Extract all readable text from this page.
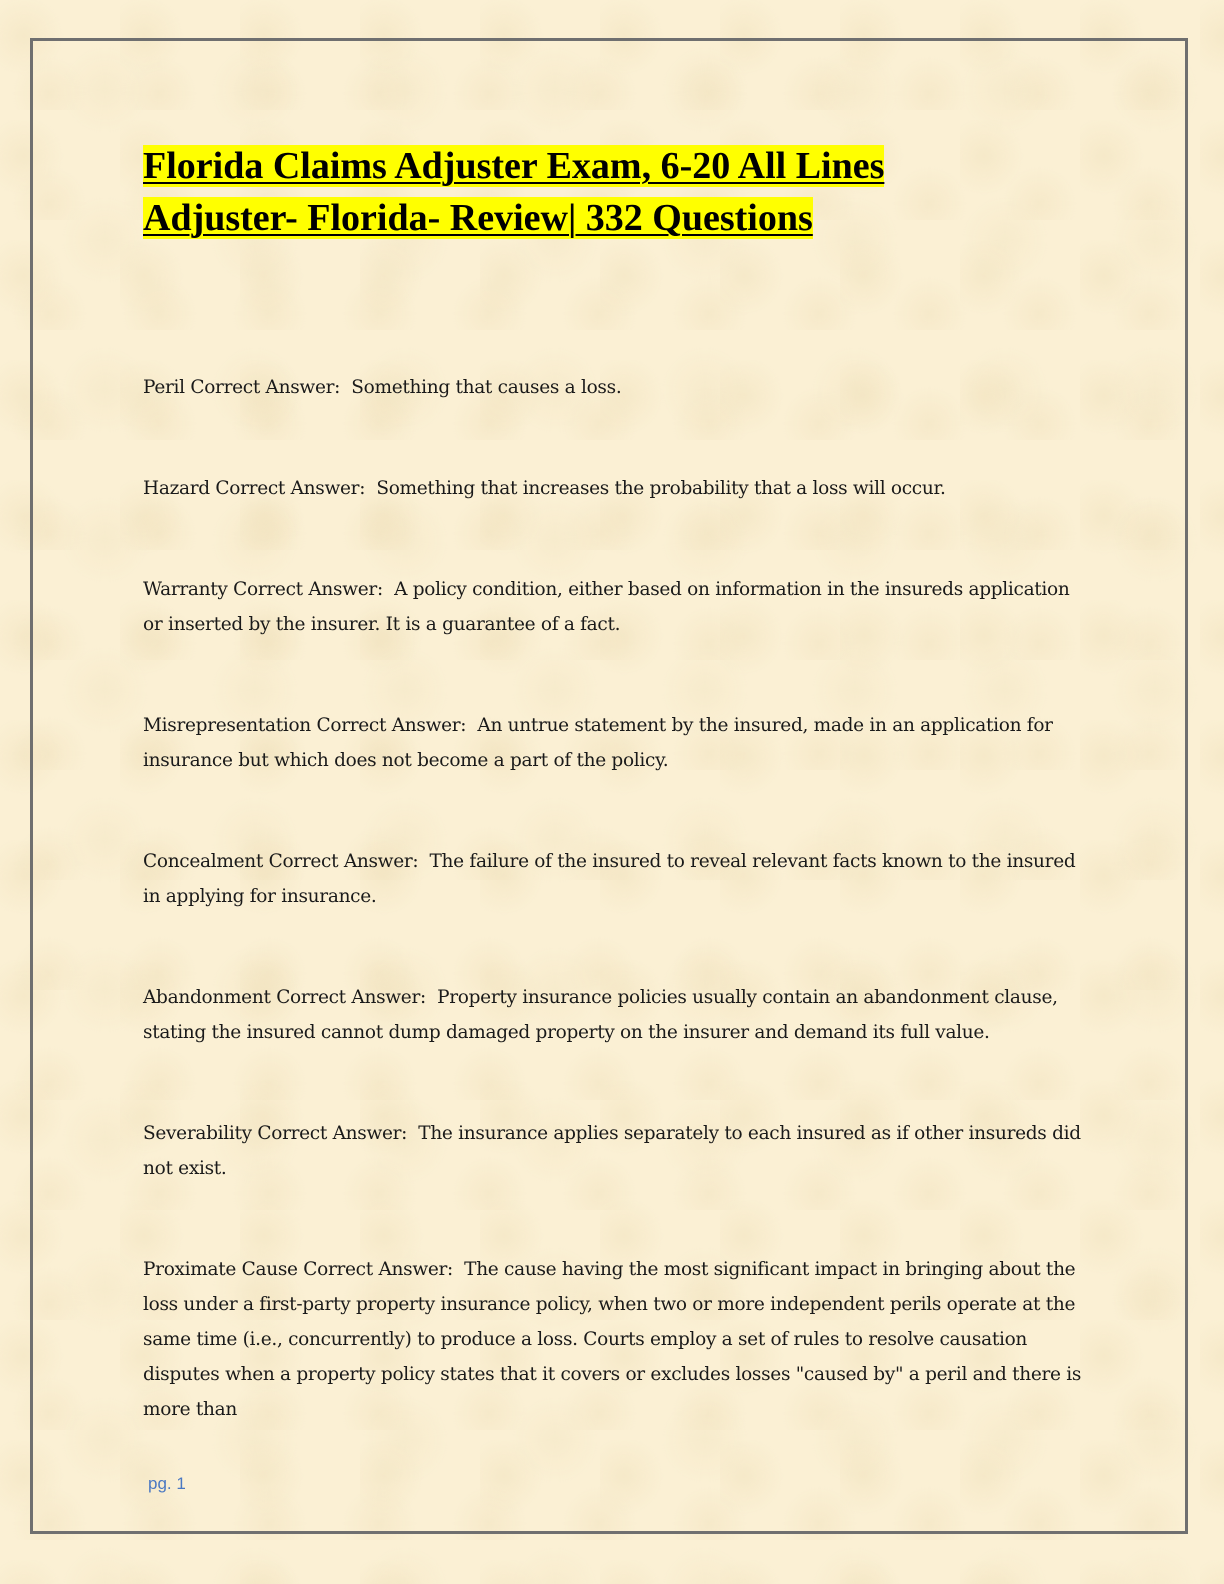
Florida Claims Adjuster Exam, 6-20 All Lines
Adjuster- Florida- Review| 332 Questions

Peril Correct Answer: Something that causes a loss.

Hazard Correct Answer: Something that increases the probability that a loss will occur.

Warranty Correct Answer: A policy condition, either based on information in the insureds application or inserted by the insurer. It is a guarantee of a fact.

Misrepresentation Correct Answer: An untrue statement by the insured, made in an application for insurance but which does not become a part of the policy.

Concealment Correct Answer: The failure of the insured to reveal relevant facts known to the insured in applying for insurance.

Abandonment Correct Answer: Property insurance policies usually contain an abandonment clause, stating the insured cannot dump damaged property on the insurer and demand its full value.

Severability Correct Answer: The insurance applies separately to each insured as if other insureds did not exist.

Proximate Cause Correct Answer: The cause having the most significant impact in bringing about the loss under a first-party property insurance policy, when two or more independent perils operate at the same time (i.e., concurrently) to produce a loss. Courts employ a set of rules to resolve causation disputes when a property policy states that it covers or excludes losses "caused by" a peril and there is more than

pg. 1
